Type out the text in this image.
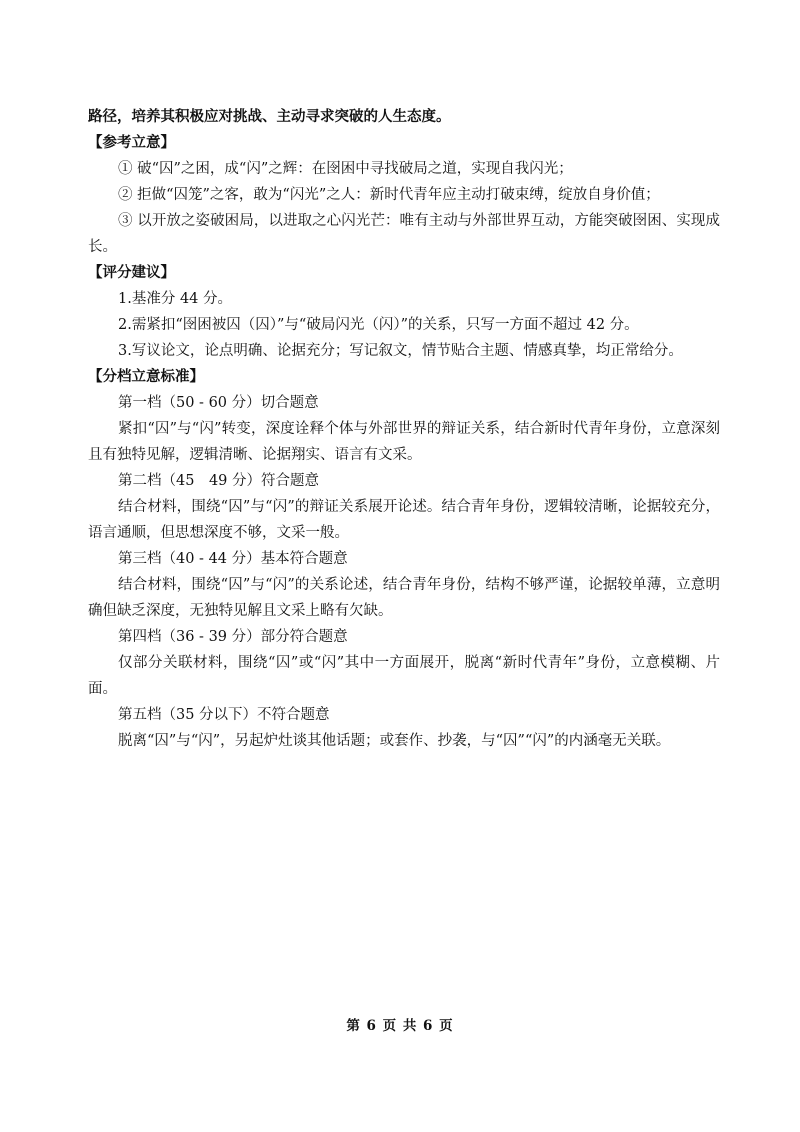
路径，培养其积极应对挑战、主动寻求突破的人生态度。
【参考立意】
① 破“囚”之困，成“闪”之辉：在囹困中寻找破局之道，实现自我闪光；
② 拒做“囚笼”之客，敢为“闪光”之人：新时代青年应主动打破束缚，绽放自身价值；
③ 以开放之姿破困局，以进取之心闪光芒：唯有主动与外部世界互动，方能突破囹困、实现成长。
【评分建议】
1.基准分 44 分。
2.需紧扣“囹困被囚（囚）”与“破局闪光（闪）”的关系，只写一方面不超过 42 分。
3.写议论文，论点明确、论据充分；写记叙文，情节贴合主题、情感真挚，均正常给分。
【分档立意标准】
第一档（50 - 60 分）切合题意
紧扣“囚”与“闪”转变，深度诠释个体与外部世界的辩证关系，结合新时代青年身份，立意深刻且有独特见解，逻辑清晰、论据翔实、语言有文采。
第二档（45　49 分）符合题意
结合材料，围绕“囚”与“闪”的辩证关系展开论述。结合青年身份，逻辑较清晰，论据较充分，语言通顺，但思想深度不够，文采一般。
第三档（40 - 44 分）基本符合题意
结合材料，围绕“囚”与“闪”的关系论述，结合青年身份，结构不够严谨，论据较单薄，立意明确但缺乏深度，无独特见解且文采上略有欠缺。
第四档（36 - 39 分）部分符合题意
仅部分关联材料，围绕“囚”或“闪”其中一方面展开，脱离“新时代青年”身份，立意模糊、片面。
第五档（35 分以下）不符合题意
脱离“囚”与“闪”，另起炉灶谈其他话题；或套作、抄袭，与“囚”“闪”的内涵毫无关联。
第 6 页 共 6 页
